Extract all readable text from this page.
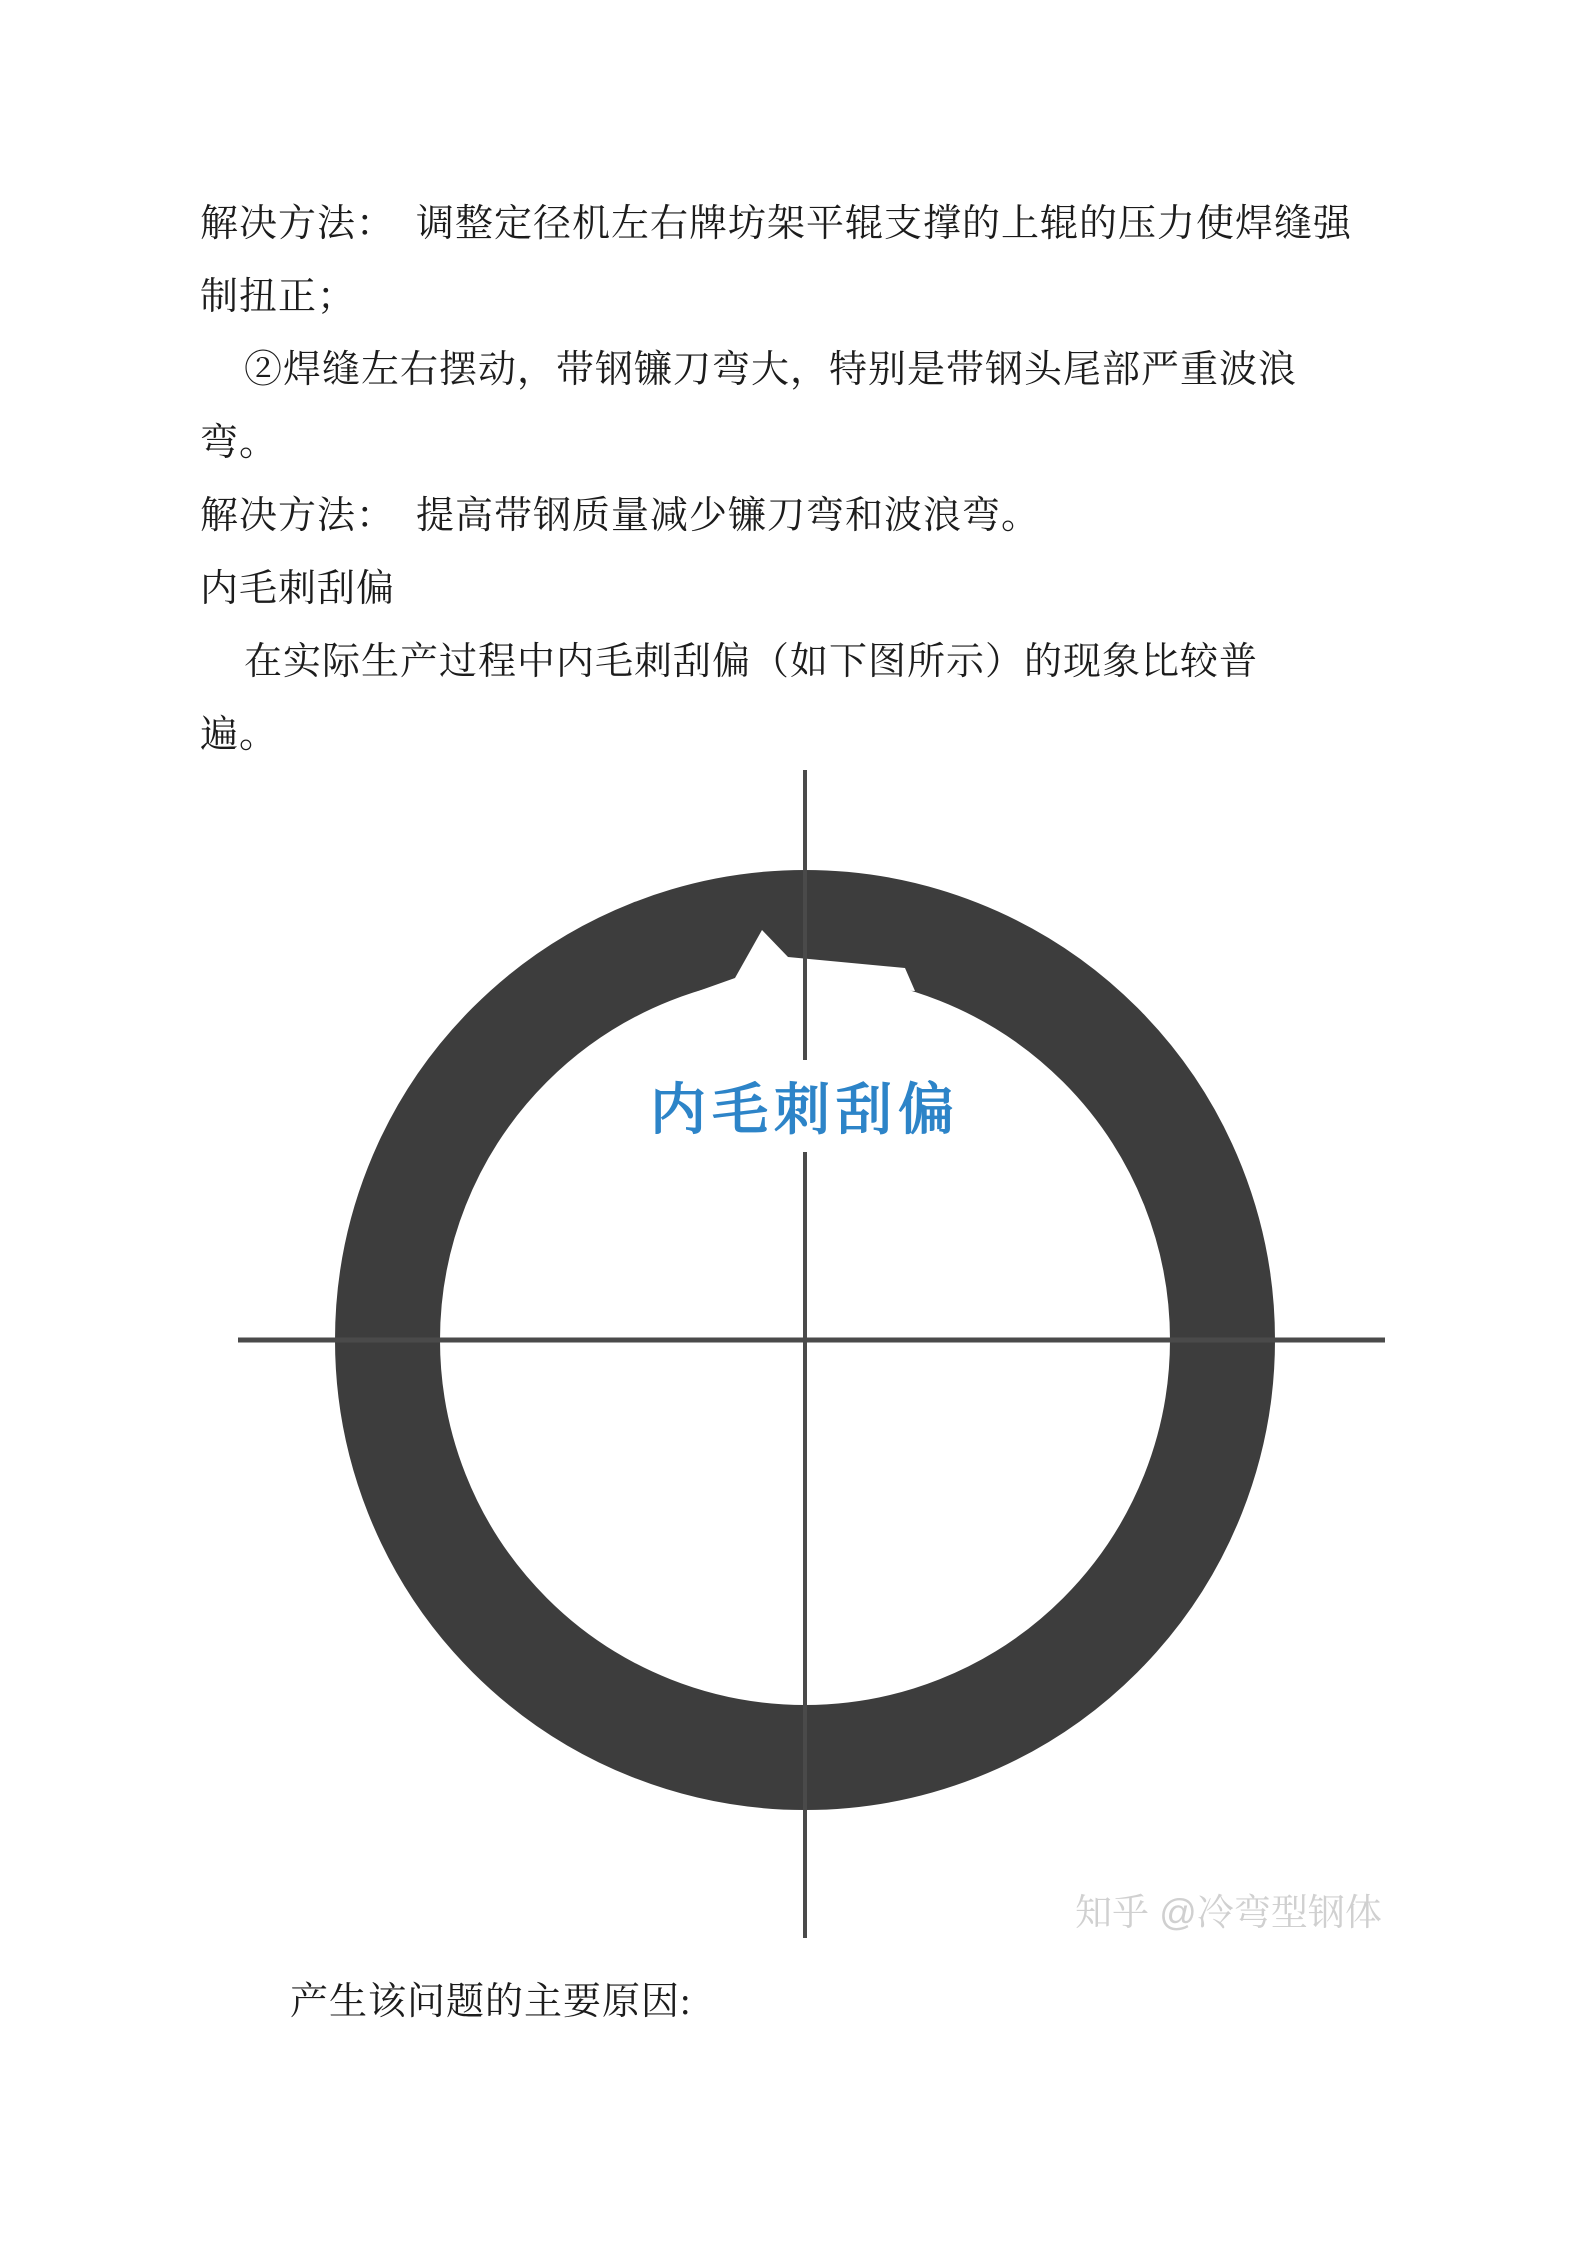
解决方法：  调整定径机左右牌坊架平辊支撑的上辊的压力使焊缝强

制扭正；

②焊缝左右摆动，带钢镰刀弯大，特别是带钢头尾部严重波浪

弯。

解决方法：  提高带钢质量减少镰刀弯和波浪弯。

内毛刺刮偏

在实际生产过程中内毛刺刮偏（如下图所示）的现象比较普

遍。

内毛刺刮偏
知乎 @冷弯型钢体

产生该问题的主要原因:
